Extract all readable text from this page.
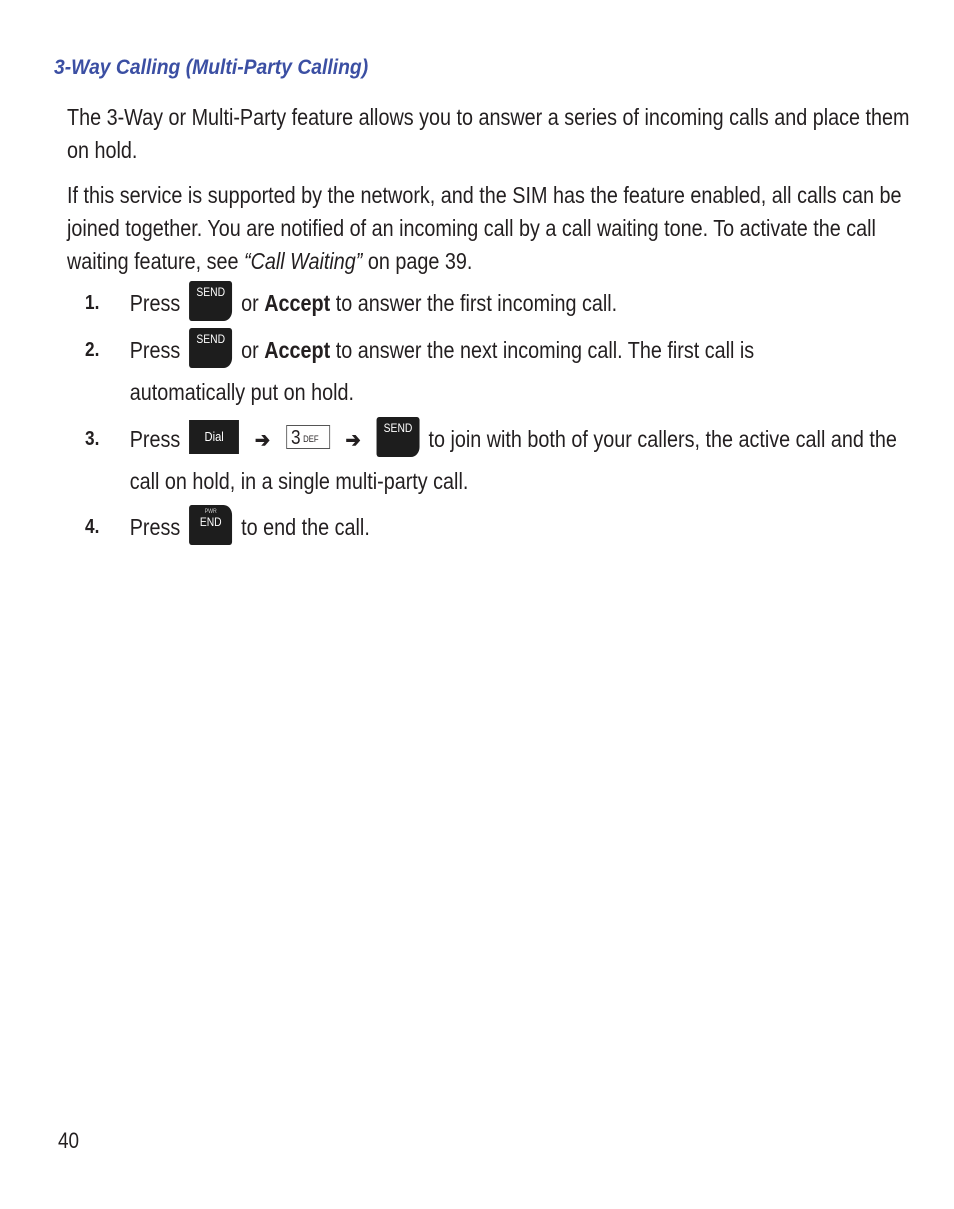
3-Way Calling (Multi-Party Calling)
The 3-Way or Multi-Party feature allows you to answer a series of incoming calls and place them on hold.
If this service is supported by the network, and the SIM has the feature enabled, all calls can be joined together. You are notified of an incoming call by a call waiting tone. To activate the call waiting feature, see “Call Waiting” on page 39.
1. Press SEND or Accept to answer the first incoming call.
2. Press SEND or Accept to answer the next incoming call. The first call is automatically put on hold.
3. Press Dial ➔ 3 DEF ➔ SEND to join with both of your callers, the active call and the call on hold, in a single multi-party call.
4. Press
PWR
END to end the call.
40
